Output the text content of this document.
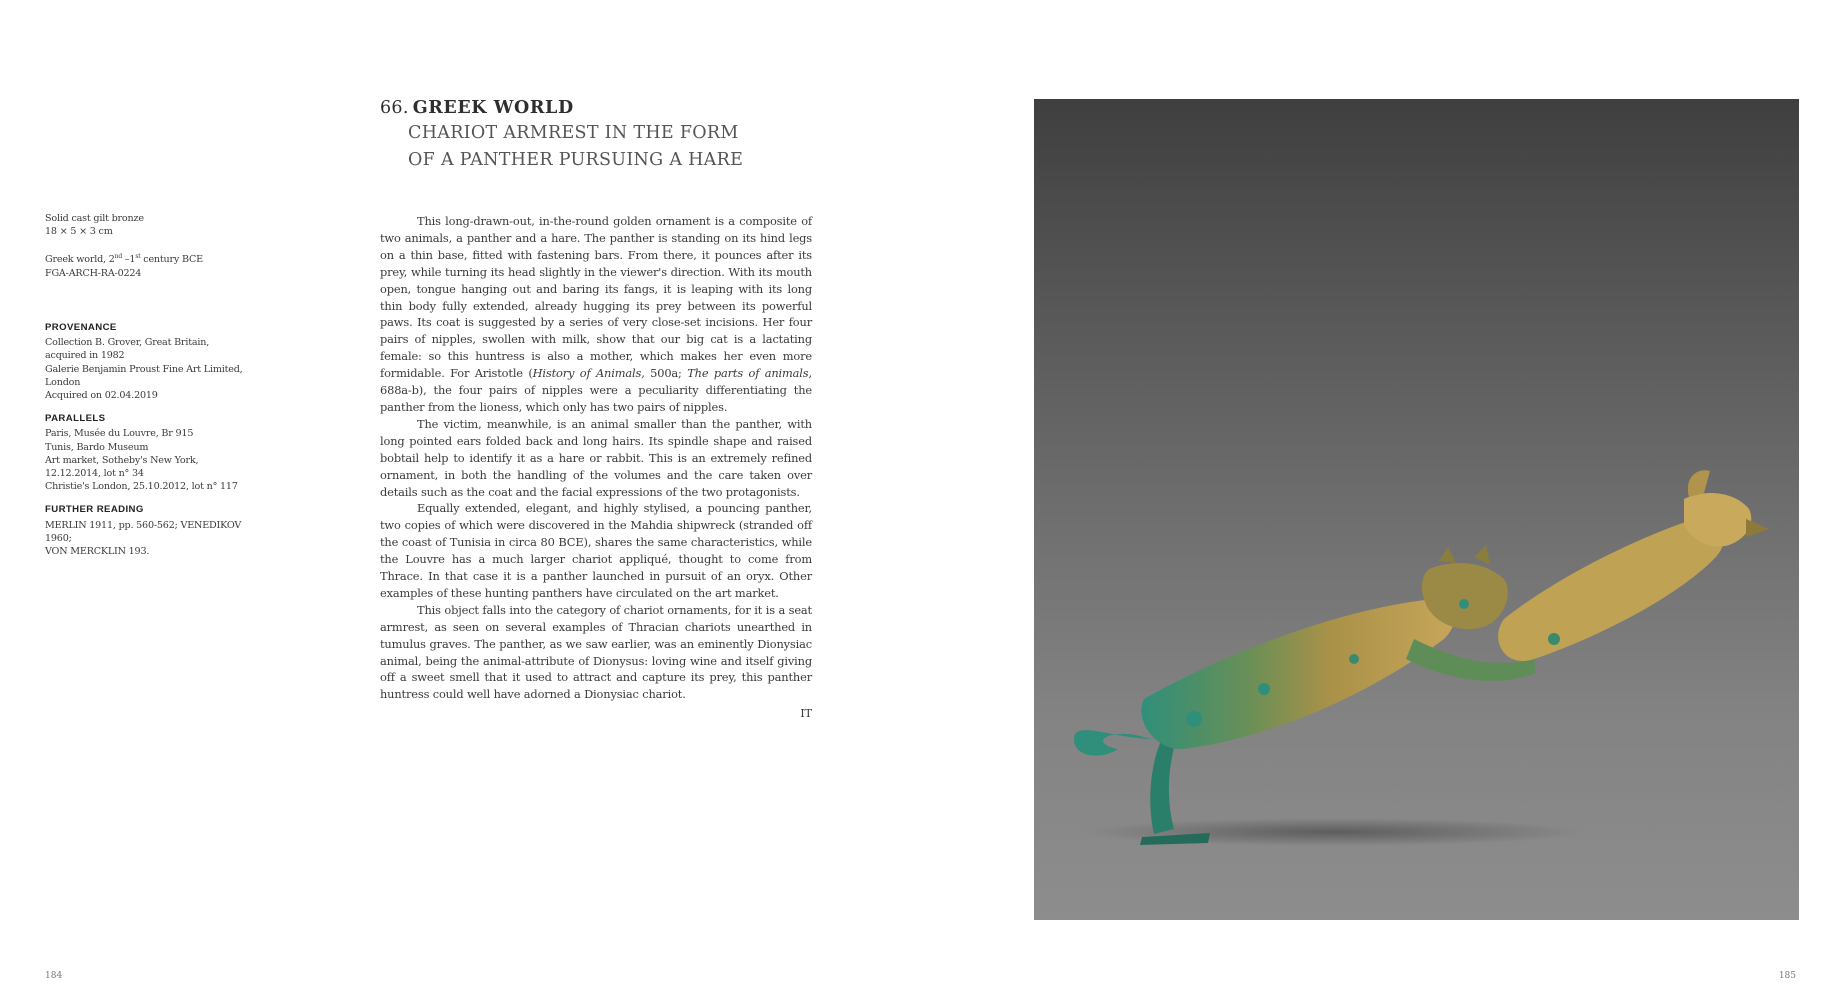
Solid cast gilt bronze

18 × 5 × 3 cm

Greek world, 2nd –1st century BCE

FGA-ARCH-RA-0224

PROVENANCE

Collection B. Grover, Great Britain,

acquired in 1982

Galerie Benjamin Proust Fine Art Limited,

London

Acquired on 02.04.2019

PARALLELS

Paris, Musée du Louvre, Br 915

Tunis, Bardo Museum

Art market, Sotheby's New York,

12.12.2014, lot n° 34

Christie's London, 25.10.2012, lot n° 117

FURTHER READING

MERLIN 1911, pp. 560-562; VENEDIKOV 1960;

VON MERCKLIN 193.

66. GREEK WORLD
CHARIOT ARMREST IN THE FORM
OF A PANTHER PURSUING A HARE

This long-drawn-out, in-the-round golden ornament is a composite of two animals, a panther and a hare. The panther is standing on its hind legs on a thin base, fitted with fastening bars. From there, it pounces after its prey, while turning its head slightly in the viewer's direction. With its mouth open, tongue hanging out and baring its fangs, it is leaping with its long thin body fully extended, already hugging its prey between its powerful paws. Its coat is suggested by a series of very close-set incisions. Her four pairs of nipples, swollen with milk, show that our big cat is a lactating female: so this huntress is also a mother, which makes her even more formidable. For Aristotle (History of Animals, 500a; The parts of animals, 688a-b), the four pairs of nipples were a peculiarity differentiating the panther from the lioness, which only has two pairs of nipples.

The victim, meanwhile, is an animal smaller than the panther, with long pointed ears folded back and long hairs. Its spindle shape and raised bobtail help to identify it as a hare or rabbit. This is an extremely refined ornament, in both the handling of the volumes and the care taken over details such as the coat and the facial expressions of the two protagonists.

Equally extended, elegant, and highly stylised, a pouncing panther, two copies of which were discovered in the Mahdia shipwreck (stranded off the coast of Tunisia in circa 80 BCE), shares the same characteristics, while the Louvre has a much larger chariot appliqué, thought to come from Thrace. In that case it is a panther launched in pursuit of an oryx. Other examples of these hunting panthers have circulated on the art market.

This object falls into the category of chariot ornaments, for it is a seat armrest, as seen on several examples of Thracian chariots unearthed in tumulus graves. The panther, as we saw earlier, was an eminently Dionysiac animal, being the animal-attribute of Dionysus: loving wine and itself giving off a sweet smell that it used to attract and capture its prey, this panther huntress could well have adorned a Dionysiac chariot.

IT
184	185
